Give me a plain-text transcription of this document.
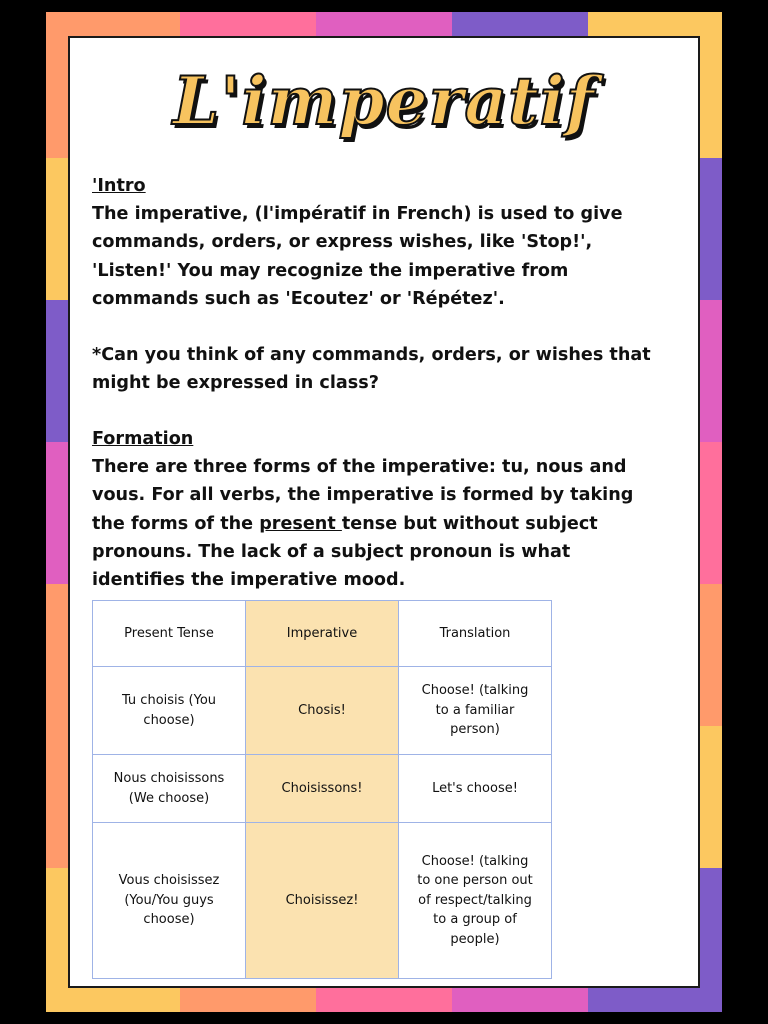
L'imperatif
'Intro
The imperative, (l'impératif in French) is used to give commands, orders, or express wishes, like 'Stop!', 'Listen!' You may recognize the imperative from commands such as 'Ecoutez' or 'Répétez'.
*Can you think of any commands, orders, or wishes that might be expressed in class?
Formation
There are three forms of the imperative: tu, nous and vous. For all verbs, the imperative is formed by taking the forms of the present tense but without subject pronouns. The lack of a subject pronoun is what identifies the imperative mood.
Present Tense	Imperative	Translation
Tu choisis (You choose)	Chosis!	Choose! (talking to a familiar person)
Nous choisissons (We choose)	Choisissons!	Let's choose!
Vous choisissez (You/You guys choose)	Choisissez!	Choose! (talking to one person out of respect/talking to a group of people)
